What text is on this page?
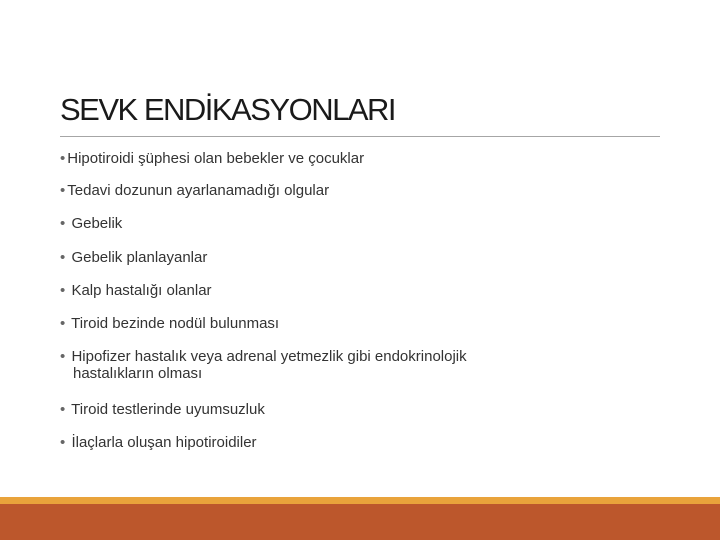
SEVK ENDİKASYONLARI
• Hipotiroidi şüphesi olan bebekler ve çocuklar
• Tedavi dozunun ayarlanamadığı olgular
• Gebelik
• Gebelik planlayanlar
• Kalp hastalığı olanlar
• Tiroid bezinde nodül bulunması
• Hipofizer hastalık veya adrenal yetmezlik gibi endokrinolojik
hastalıkların olması
• Tiroid testlerinde uyumsuzluk
• İlaçlarla oluşan hipotiroidiler
